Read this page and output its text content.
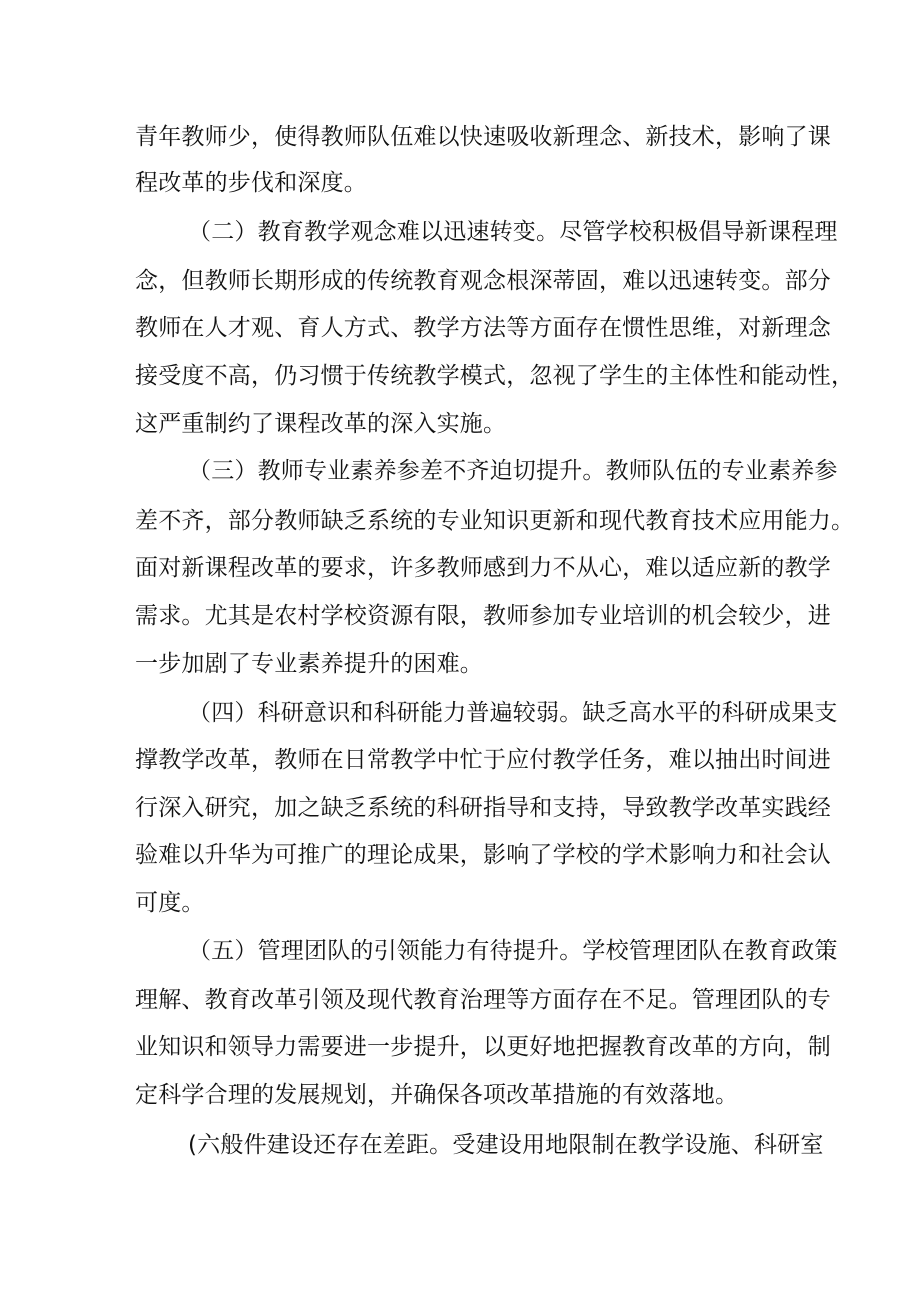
青年教师少，使得教师队伍难以快速吸收新理念、新技术，影响了课
程改革的步伐和深度。
（二）教育教学观念难以迅速转变。尽管学校积极倡导新课程理
念，但教师长期形成的传统教育观念根深蒂固，难以迅速转变。部分
教师在人才观、育人方式、教学方法等方面存在惯性思维，对新理念
接受度不高，仍习惯于传统教学模式，忽视了学生的主体性和能动性，
这严重制约了课程改革的深入实施。
（三）教师专业素养参差不齐迫切提升。教师队伍的专业素养参
差不齐，部分教师缺乏系统的专业知识更新和现代教育技术应用能力。
面对新课程改革的要求，许多教师感到力不从心，难以适应新的教学
需求。尤其是农村学校资源有限，教师参加专业培训的机会较少，进
一步加剧了专业素养提升的困难。
（四）科研意识和科研能力普遍较弱。缺乏高水平的科研成果支
撑教学改革，教师在日常教学中忙于应付教学任务，难以抽出时间进
行深入研究，加之缺乏系统的科研指导和支持，导致教学改革实践经
验难以升华为可推广的理论成果，影响了学校的学术影响力和社会认
可度。
（五）管理团队的引领能力有待提升。学校管理团队在教育政策
理解、教育改革引领及现代教育治理等方面存在不足。管理团队的专
业知识和领导力需要进一步提升，以更好地把握教育改革的方向，制
定科学合理的发展规划，并确保各项改革措施的有效落地。
(六般件建设还存在差距。受建设用地限制在教学设施、科研室
